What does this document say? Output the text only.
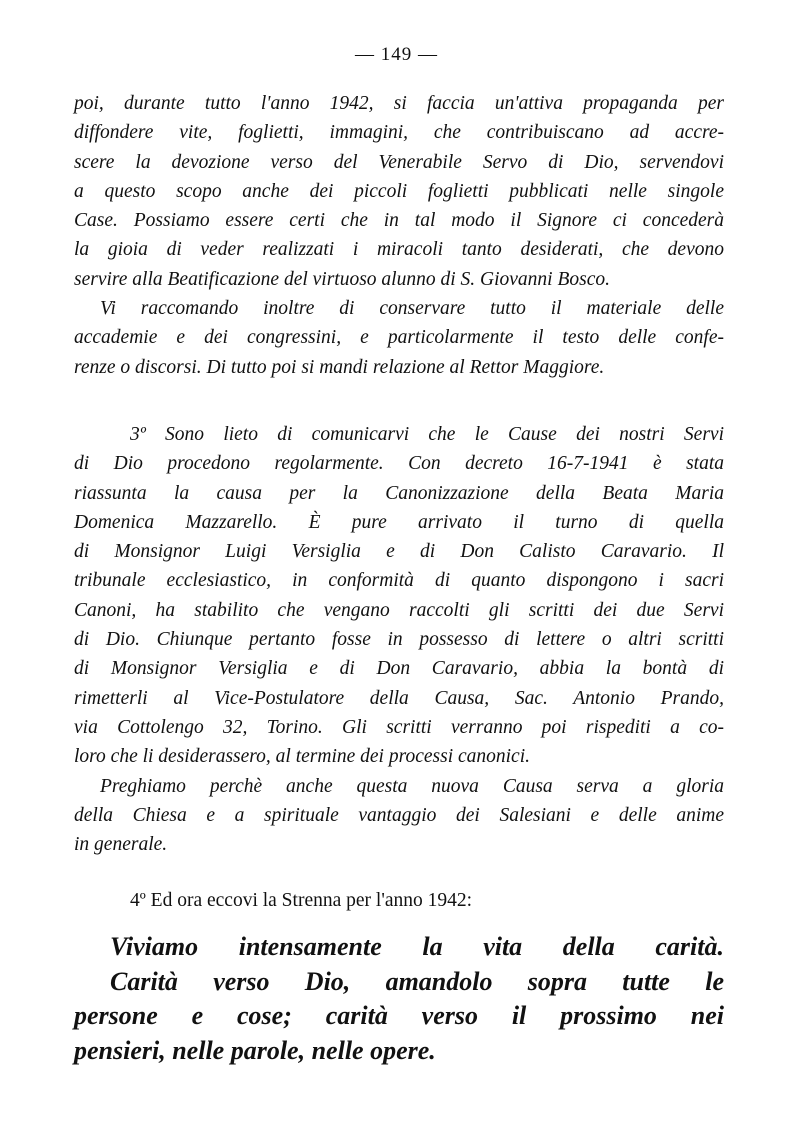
— 149 —
poi, durante tutto l'anno 1942, si faccia un'attiva propaganda per
diffondere vite, foglietti, immagini, che contribuiscano ad accre-
scere la devozione verso del Venerabile Servo di Dio, servendovi
a questo scopo anche dei piccoli foglietti pubblicati nelle singole
Case. Possiamo essere certi che in tal modo il Signore ci concederà
la gioia di veder realizzati i miracoli tanto desiderati, che devono
servire alla Beatificazione del virtuoso alunno di S. Giovanni Bosco.
Vi raccomando inoltre di conservare tutto il materiale delle
accademie e dei congressini, e particolarmente il testo delle confe-
renze o discorsi. Di tutto poi si mandi relazione al Rettor Maggiore.
3º Sono lieto di comunicarvi che le Cause dei nostri Servi
di Dio procedono regolarmente. Con decreto 16-7-1941 è stata
riassunta la causa per la Canonizzazione della Beata Maria
Domenica Mazzarello. È pure arrivato il turno di quella
di Monsignor Luigi Versiglia e di Don Calisto Caravario. Il
tribunale ecclesiastico, in conformità di quanto dispongono i sacri
Canoni, ha stabilito che vengano raccolti gli scritti dei due Servi
di Dio. Chiunque pertanto fosse in possesso di lettere o altri scritti
di Monsignor Versiglia e di Don Caravario, abbia la bontà di
rimetterli al Vice-Postulatore della Causa, Sac. Antonio Prando,
via Cottolengo 32, Torino. Gli scritti verranno poi rispediti a co-
loro che li desiderassero, al termine dei processi canonici.
Preghiamo perchè anche questa nuova Causa serva a gloria
della Chiesa e a spirituale vantaggio dei Salesiani e delle anime
in generale.
4º Ed ora eccovi la Strenna per l'anno 1942:
Viviamo intensamente la vita della carità.
Carità verso Dio, amandolo sopra tutte le
persone e cose; carità verso il prossimo nei
pensieri, nelle parole, nelle opere.
